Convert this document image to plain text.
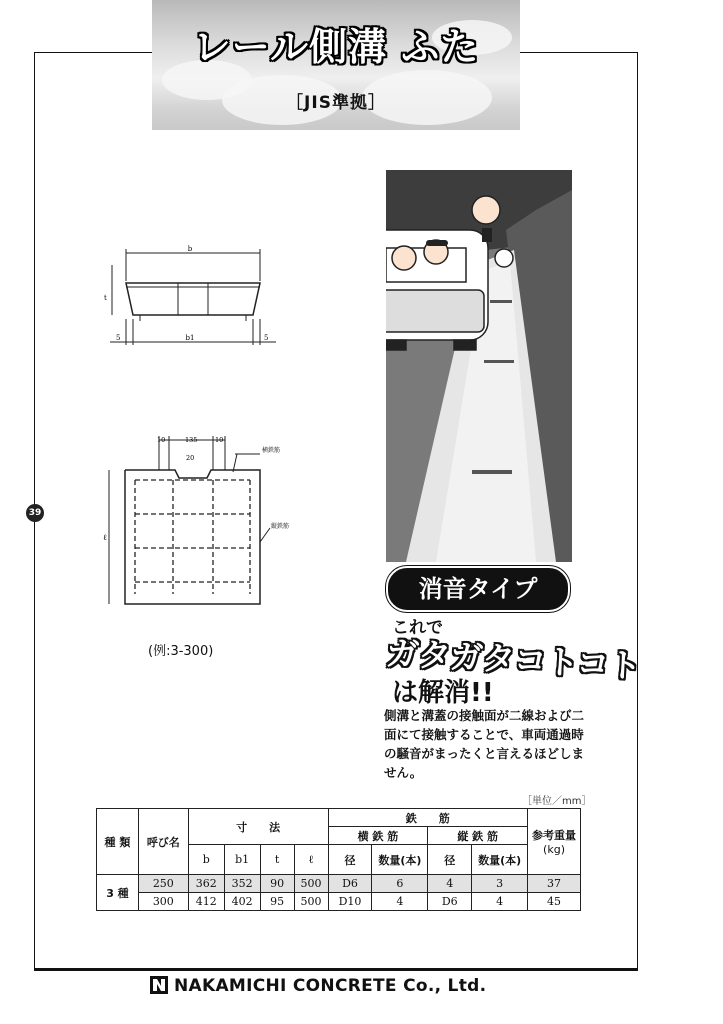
レール側溝 ふた
［JIS準拠］
39
b
t
b1
5	5
10	135	10
20
ℓ
横鉄筋
縦鉄筋
(例:3-300)
消音タイプ
これで
ガタガタコトコト
は解消!!
側溝と溝蓋の接触面が二線および二面にて接触することで、車両通過時の騒音がまったくと言えるほどしません。
［単位／mm］
種 類	呼び名	寸　　法				鉄　　筋				参考重量
(kg)
						横 鉄 筋		縦 鉄 筋		
		b	b1	t	ℓ	径	数量(本)	径	数量(本)	
3 種	250	362	352	90	500	D6	6	4	3	37
	300	412	402	95	500	D10	4	D6	4	45
NAKAMICHI CONCRETE Co., Ltd.
